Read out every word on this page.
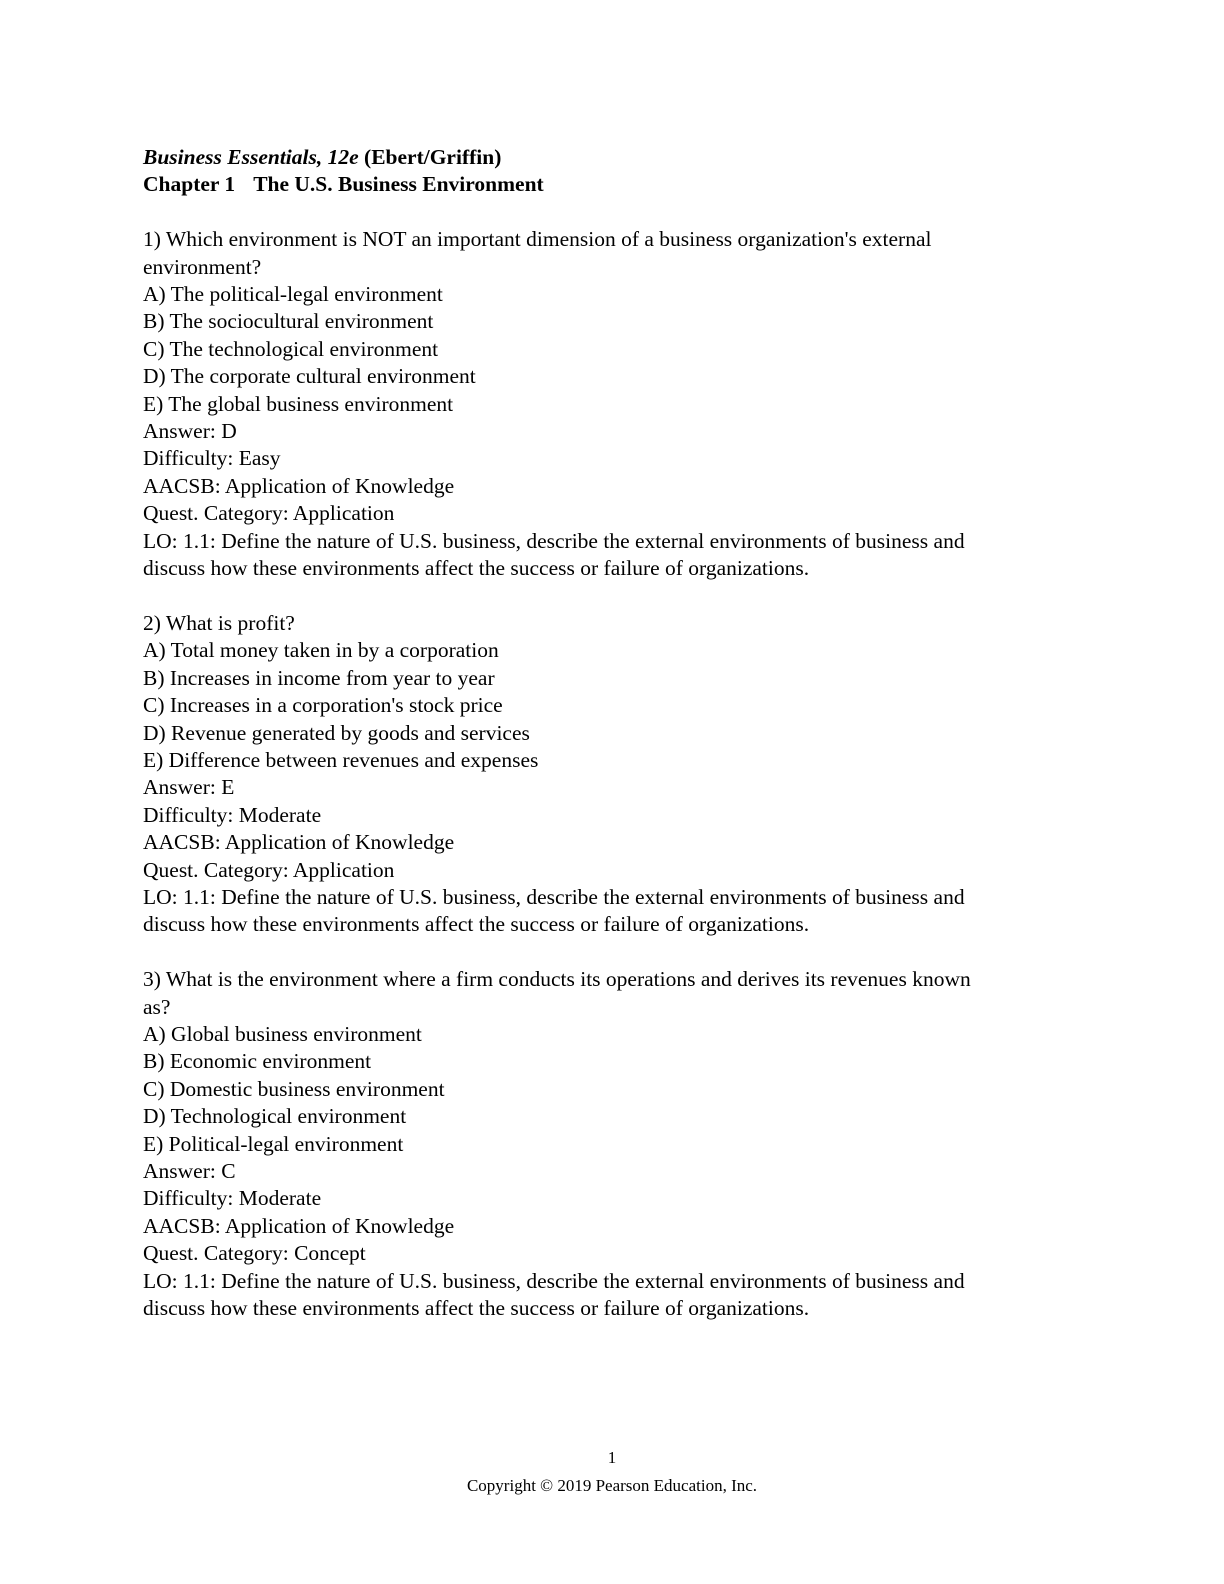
Business Essentials, 12e (Ebert/Griffin)
Chapter 1 The U.S. Business Environment
1) Which environment is NOT an important dimension of a business organization's external
environment?
A) The political-legal environment
B) The sociocultural environment
C) The technological environment
D) The corporate cultural environment
E) The global business environment
Answer: D
Difficulty: Easy
AACSB: Application of Knowledge
Quest. Category: Application
LO: 1.1: Define the nature of U.S. business, describe the external environments of business and
discuss how these environments affect the success or failure of organizations.
2) What is profit?
A) Total money taken in by a corporation
B) Increases in income from year to year
C) Increases in a corporation's stock price
D) Revenue generated by goods and services
E) Difference between revenues and expenses
Answer: E
Difficulty: Moderate
AACSB: Application of Knowledge
Quest. Category: Application
LO: 1.1: Define the nature of U.S. business, describe the external environments of business and
discuss how these environments affect the success or failure of organizations.
3) What is the environment where a firm conducts its operations and derives its revenues known
as?
A) Global business environment
B) Economic environment
C) Domestic business environment
D) Technological environment
E) Political-legal environment
Answer: C
Difficulty: Moderate
AACSB: Application of Knowledge
Quest. Category: Concept
LO: 1.1: Define the nature of U.S. business, describe the external environments of business and
discuss how these environments affect the success or failure of organizations.
1
Copyright © 2019 Pearson Education, Inc.
